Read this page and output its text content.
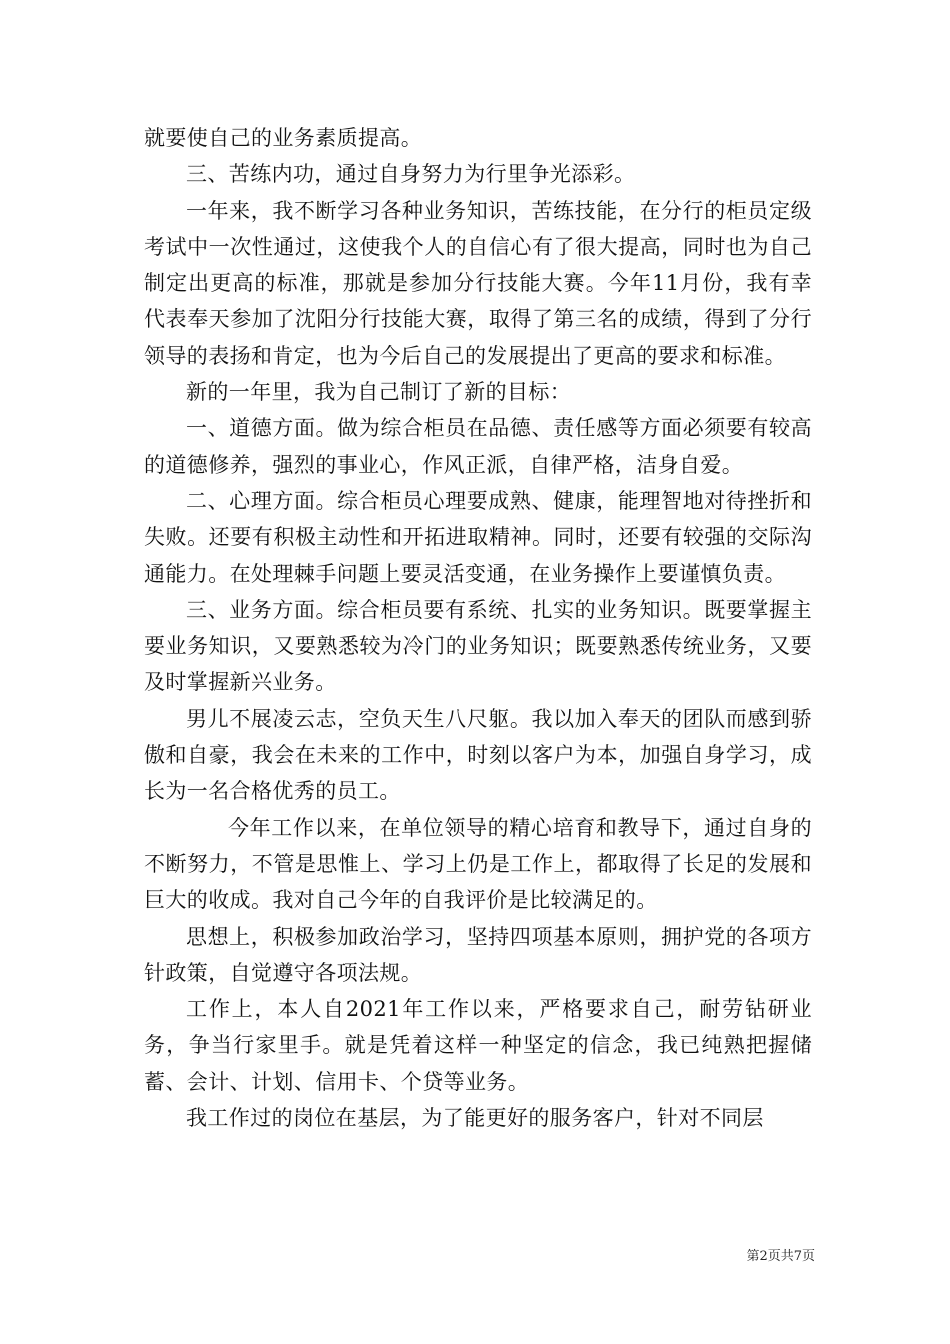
就要使自己的业务素质提高。

三、苦练内功，通过自身努力为行里争光添彩。

一年来，我不断学习各种业务知识，苦练技能，在分行的柜员定级考试中一次性通过，这使我个人的自信心有了很大提高，同时也为自己制定出更高的标准，那就是参加分行技能大赛。今年11月份，我有幸代表奉天参加了沈阳分行技能大赛，取得了第三名的成绩，得到了分行领导的表扬和肯定，也为今后自己的发展提出了更高的要求和标准。

新的一年里，我为自己制订了新的目标：

一、道德方面。做为综合柜员在品德、责任感等方面必须要有较高的道德修养，强烈的事业心，作风正派，自律严格，洁身自爱。

二、心理方面。综合柜员心理要成熟、健康，能理智地对待挫折和失败。还要有积极主动性和开拓进取精神。同时，还要有较强的交际沟通能力。在处理棘手问题上要灵活变通，在业务操作上要谨慎负责。

三、业务方面。综合柜员要有系统、扎实的业务知识。既要掌握主要业务知识，又要熟悉较为冷门的业务知识；既要熟悉传统业务，又要及时掌握新兴业务。

男儿不展凌云志，空负天生八尺躯。我以加入奉天的团队而感到骄傲和自豪，我会在未来的工作中，时刻以客户为本，加强自身学习，成长为一名合格优秀的员工。

今年工作以来，在单位领导的精心培育和教导下，通过自身的不断努力，不管是思惟上、学习上仍是工作上，都取得了长足的发展和巨大的收成。我对自己今年的自我评价是比较满足的。

思想上，积极参加政治学习，坚持四项基本原则，拥护党的各项方针政策，自觉遵守各项法规。

工作上，本人自2021年工作以来，严格要求自己，耐劳钻研业务，争当行家里手。就是凭着这样一种坚定的信念，我已纯熟把握储蓄、会计、计划、信用卡、个贷等业务。

我工作过的岗位在基层，为了能更好的服务客户，针对不同层

第2页共7页
